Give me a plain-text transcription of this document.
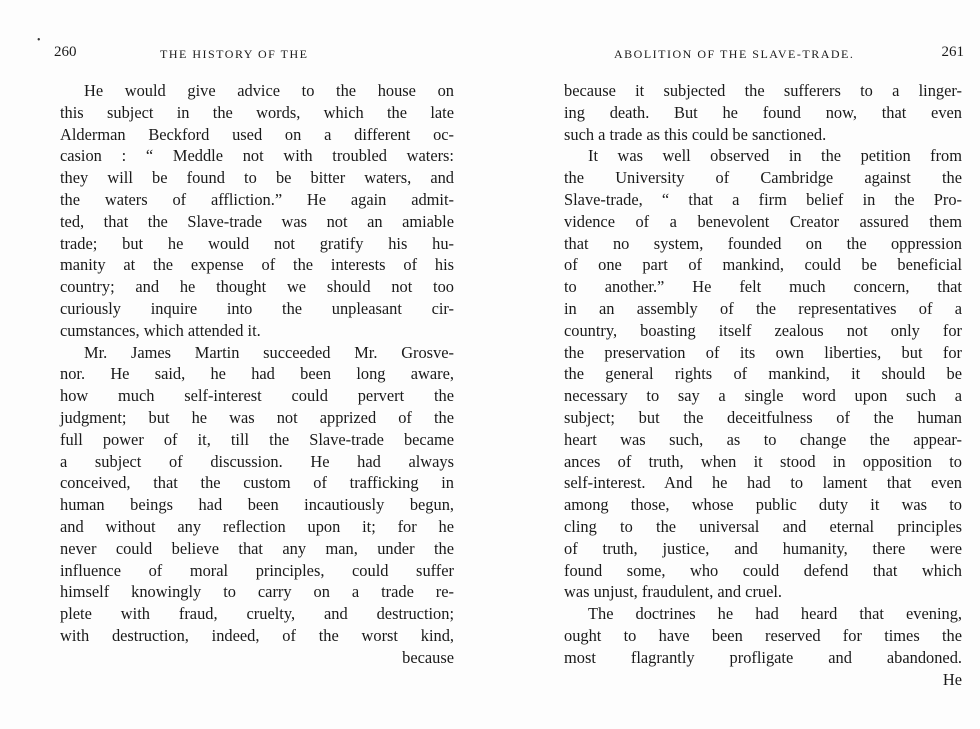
260	THE HISTORY OF THE
He would give advice to the house on
this subject in the words, which the late
Alderman Beckford used on a different oc-
casion : “ Meddle not with troubled waters:
they will be found to be bitter waters, and
the waters of affliction.” He again admit-
ted, that the Slave-trade was not an amiable
trade; but he would not gratify his hu-
manity at the expense of the interests of his
country; and he thought we should not too
curiously inquire into the unpleasant cir-
cumstances, which attended it.
Mr. James Martin succeeded Mr. Grosve-
nor. He said, he had been long aware,
how much self-interest could pervert the
judgment; but he was not apprized of the
full power of it, till the Slave-trade became
a subject of discussion. He had always
conceived, that the custom of trafficking in
human beings had been incautiously begun,
and without any reflection upon it; for he
never could believe that any man, under the
influence of moral principles, could suffer
himself knowingly to carry on a trade re-
plete with fraud, cruelty, and destruction;
with destruction, indeed, of the worst kind,
because
ABOLITION OF THE SLAVE-TRADE.	261
because it subjected the sufferers to a linger-
ing death. But he found now, that even
such a trade as this could be sanctioned.
It was well observed in the petition from
the University of Cambridge against the
Slave-trade, “ that a firm belief in the Pro-
vidence of a benevolent Creator assured them
that no system, founded on the oppression
of one part of mankind, could be beneficial
to another.” He felt much concern, that
in an assembly of the representatives of a
country, boasting itself zealous not only for
the preservation of its own liberties, but for
the general rights of mankind, it should be
necessary to say a single word upon such a
subject; but the deceitfulness of the human
heart was such, as to change the appear-
ances of truth, when it stood in opposition to
self-interest. And he had to lament that even
among those, whose public duty it was to
cling to the universal and eternal principles
of truth, justice, and humanity, there were
found some, who could defend that which
was unjust, fraudulent, and cruel.
The doctrines he had heard that evening,
ought to have been reserved for times the
most flagrantly profligate and abandoned.
He
•
